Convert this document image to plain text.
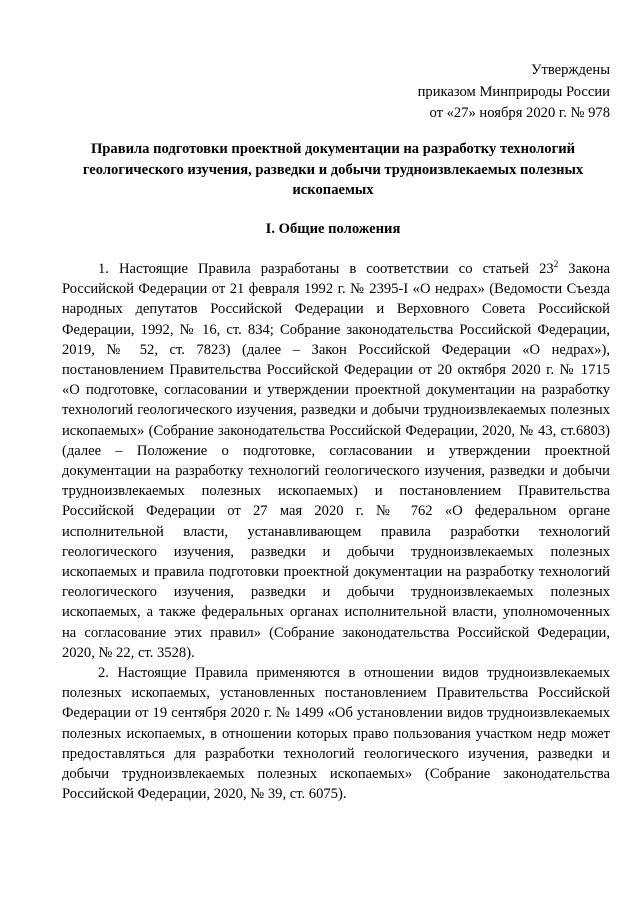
Утверждены
приказом Минприроды России
от «27» ноября 2020 г. № 978
Правила подготовки проектной документации на разработку технологий геологического изучения, разведки и добычи трудноизвлекаемых полезных ископаемых
I. Общие положения

1. Настоящие Правила разработаны в соответствии со статьей $23^2$ Закона Российской Федерации от 21 февраля 1992 г. № 2395-I «О недрах» (Ведомости Съезда народных депутатов Российской Федерации и Верховного Совета Российской Федерации, 1992, № 16, ст. 834; Собрание законодательства Российской Федерации, 2019, № 52, ст. 7823) (далее – Закон Российской Федерации «О недрах»), постановлением Правительства Российской Федерации от 20 октября 2020 г. № 1715 «О подготовке, согласовании и утверждении проектной документации на разработку технологий геологического изучения, разведки и добычи трудноизвлекаемых полезных ископаемых» (Собрание законодательства Российской Федерации, 2020, № 43, ст.6803) (далее – Положение о подготовке, согласовании и утверждении проектной документации на разработку технологий геологического изучения, разведки и добычи трудноизвлекаемых полезных ископаемых) и постановлением Правительства Российской Федерации от 27 мая 2020 г. № 762 «О федеральном органе исполнительной власти, устанавливающем правила разработки технологий геологического изучения, разведки и добычи трудноизвлекаемых полезных ископаемых и правила подготовки проектной документации на разработку технологий геологического изучения, разведки и добычи трудноизвлекаемых полезных ископаемых, а также федеральных органах исполнительной власти, уполномоченных на согласование этих правил» (Собрание законодательства Российской Федерации, 2020, № 22, ст. 3528).

2. Настоящие Правила применяются в отношении видов трудноизвлекаемых полезных ископаемых, установленных постановлением Правительства Российской Федерации от 19 сентября 2020 г. № 1499 «Об установлении видов трудноизвлекаемых полезных ископаемых, в отношении которых право пользования участком недр может предоставляться для разработки технологий геологического изучения, разведки и добычи трудноизвлекаемых полезных ископаемых» (Собрание законодательства Российской Федерации, 2020, № 39, ст. 6075).
